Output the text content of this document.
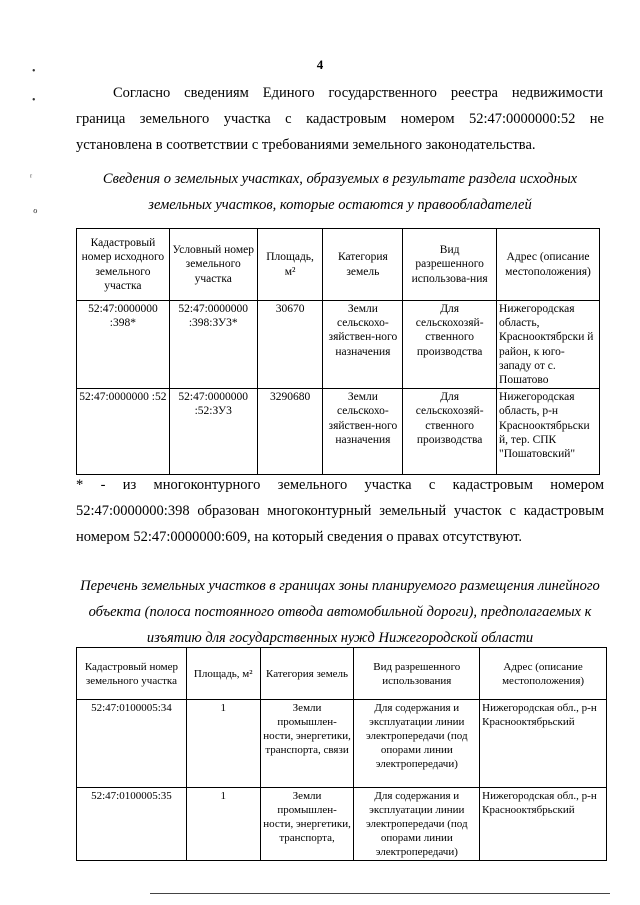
4

Согласно сведениям Единого государственного реестра недвижимости

граница земельного участка с кадастровым номером 52:47:0000000:52 не

установлена в соответствии с требованиями земельного законодательства.

Сведения о земельных участках, образуемых в результате раздела исходных

земельных участков, которые остаются у правообладателей

Кадастровый номер исходного земельного участка	Условный номер земельного участка	Площадь, м²	Категория земель	Вид разрешенного использова-ния	Адрес (описание местоположения)
52:47:0000000 :398*	52:47:0000000 :398:ЗУ3*	30670	Земли сельскохо-зяйствен-ного назначения	Для сельскохозяй-ственного производства	Нижегородская область, Краснооктябрски й район, к юго-западу от с. Пошатово
52:47:0000000 :52	52:47:0000000 :52:ЗУ3	3290680	Земли сельскохо-зяйствен-ного назначения	Для сельскохозяй-ственного производства	Нижегородская область, р-н Краснооктябрьски й, тер. СПК "Пошатовский"

* - из многоконтурного земельного участка с кадастровым номером

52:47:0000000:398 образован многоконтурный земельный участок с кадастровым

номером 52:47:0000000:609, на который сведения о правах отсутствуют.

Перечень земельных участков в границах зоны планируемого размещения линейного

объекта (полоса постоянного отвода автомобильной дороги), предполагаемых к

изъятию для государственных нужд Нижегородской области

Кадастровый номер земельного участка	Площадь, м²	Категория земель	Вид разрешенного использования	Адрес (описание местоположения)
52:47:0100005:34	1	Земли промышлен-ности, энергетики, транспорта, связи	Для содержания и эксплуатации линии электропередачи (под опорами линии электропередачи)	Нижегородская обл., р-н Краснооктябрьский
52:47:0100005:35	1	Земли промышлен-ности, энергетики, транспорта,	Для содержания и эксплуатации линии электропередачи (под опорами линии электропередачи)	Нижегородская обл., р-н Краснооктябрьский
•
•
ʳ
ℴ
